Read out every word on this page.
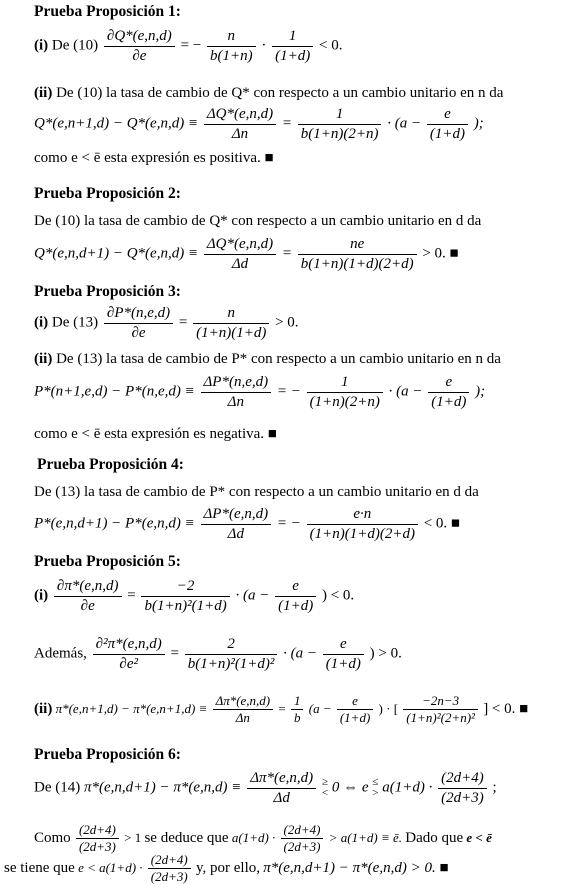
Prueba Proposición 1:
(i) De $(10) \frac{\partial Q*(e,n,d)}{\partial e}$ = − $\frac{n}{b(1+n)} \cdot \frac{1}{(1+d)} < 0$.
(ii) De (10) la tasa de cambio de Q* con respecto a un cambio unitario en n da
$Q*(e,n+1,d) - Q*(e,n,d) \equiv \frac{\Delta Q*(e,n,d)}{\Delta n} = \frac{1}{b(1+n)(2+n)} \cdot (a - \frac{e}{(1+d)}$ );
como e < ē esta expresión es positiva. ■
Prueba Proposición 2:
De (10) la tasa de cambio de Q* con respecto a un cambio unitario en d da
$Q*(e,n,d+1) - Q*(e,n,d) \equiv \frac{\Delta Q*(e,n,d)}{\Delta d} = \frac{ne}{b(1+n)(1+d)(2+d)} > 0$. ■
Prueba Proposición 3:
(i) De $(13) \frac{\partial P*(n,e,d)}{\partial e} = \frac{n}{(1+n)(1+d)} > 0$.
(ii) De (13) la tasa de cambio de P* con respecto a un cambio unitario en n da
$P*(n+1,e,d) - P*(n,e,d) \equiv \frac{\Delta P*(n,e,d)}{\Delta n}$ = − $\frac{1}{(1+n)(2+n)} \cdot (a - \frac{e}{(1+d)}$ );
como e < ē esta expresión es negativa. ■
Prueba Proposición 4:
De (13) la tasa de cambio de P* con respecto a un cambio unitario en d da
$P*(e,n,d+1) - P*(e,n,d) \equiv \frac{\Delta P*(e,n,d)}{\Delta d}$ = − $\frac{e\cdot n}{(1+n)(1+d)(2+d)} < 0$. ■
Prueba Proposición 5:
$(i) \frac{\partial\pi*(e,n,d)}{\partial e} = \frac{-2}{\text{b(1+n)²(1+d)}} \cdot (a - \frac{e}{(1+d)}$ ) < 0.
Además, $\frac{\text{∂²π*(e,n,d)}}{\text{∂e²}} = \frac{2}{\text{b(1+n)²(1+d)²}} \cdot (a - \frac{e}{(1+d)}$ ) > 0.
(ii) $\pi*(e,n+1,d) - \pi*(e,n+1,d) \equiv \frac{\Delta\pi*(e,n,d)}{\Delta n} = \frac{1}{b} (a - \frac{e}{(1+d)}$ ) · [ $\frac{-2n-3}{\text{(1+n)²(2+n)²}}$ ] < 0. ■
Prueba Proposición 6:
De (14) $\pi*(e,n,d+1) - \pi*(e,n,d) \equiv \frac{\Delta\pi*(e,n,d)}{\Delta d}$
≥
< 0 ⇔ e ≤
> $a(1+d) \cdot \frac{(2d+4)}{(2d+3)}$ ;
Como $\frac{(2d+4)}{(2d+3)} > 1$ se deduce que $a(1+d) \cdot \frac{(2d+4)}{(2d+3)} > a(1+d)$ ≡ ē. Dado que e < ē
se tiene que $e < a(1+d) \cdot \frac{(2d+4)}{(2d+3)} y$, por ello, π*(e,n,d+1) − π*(e,n,d) > 0. ■
